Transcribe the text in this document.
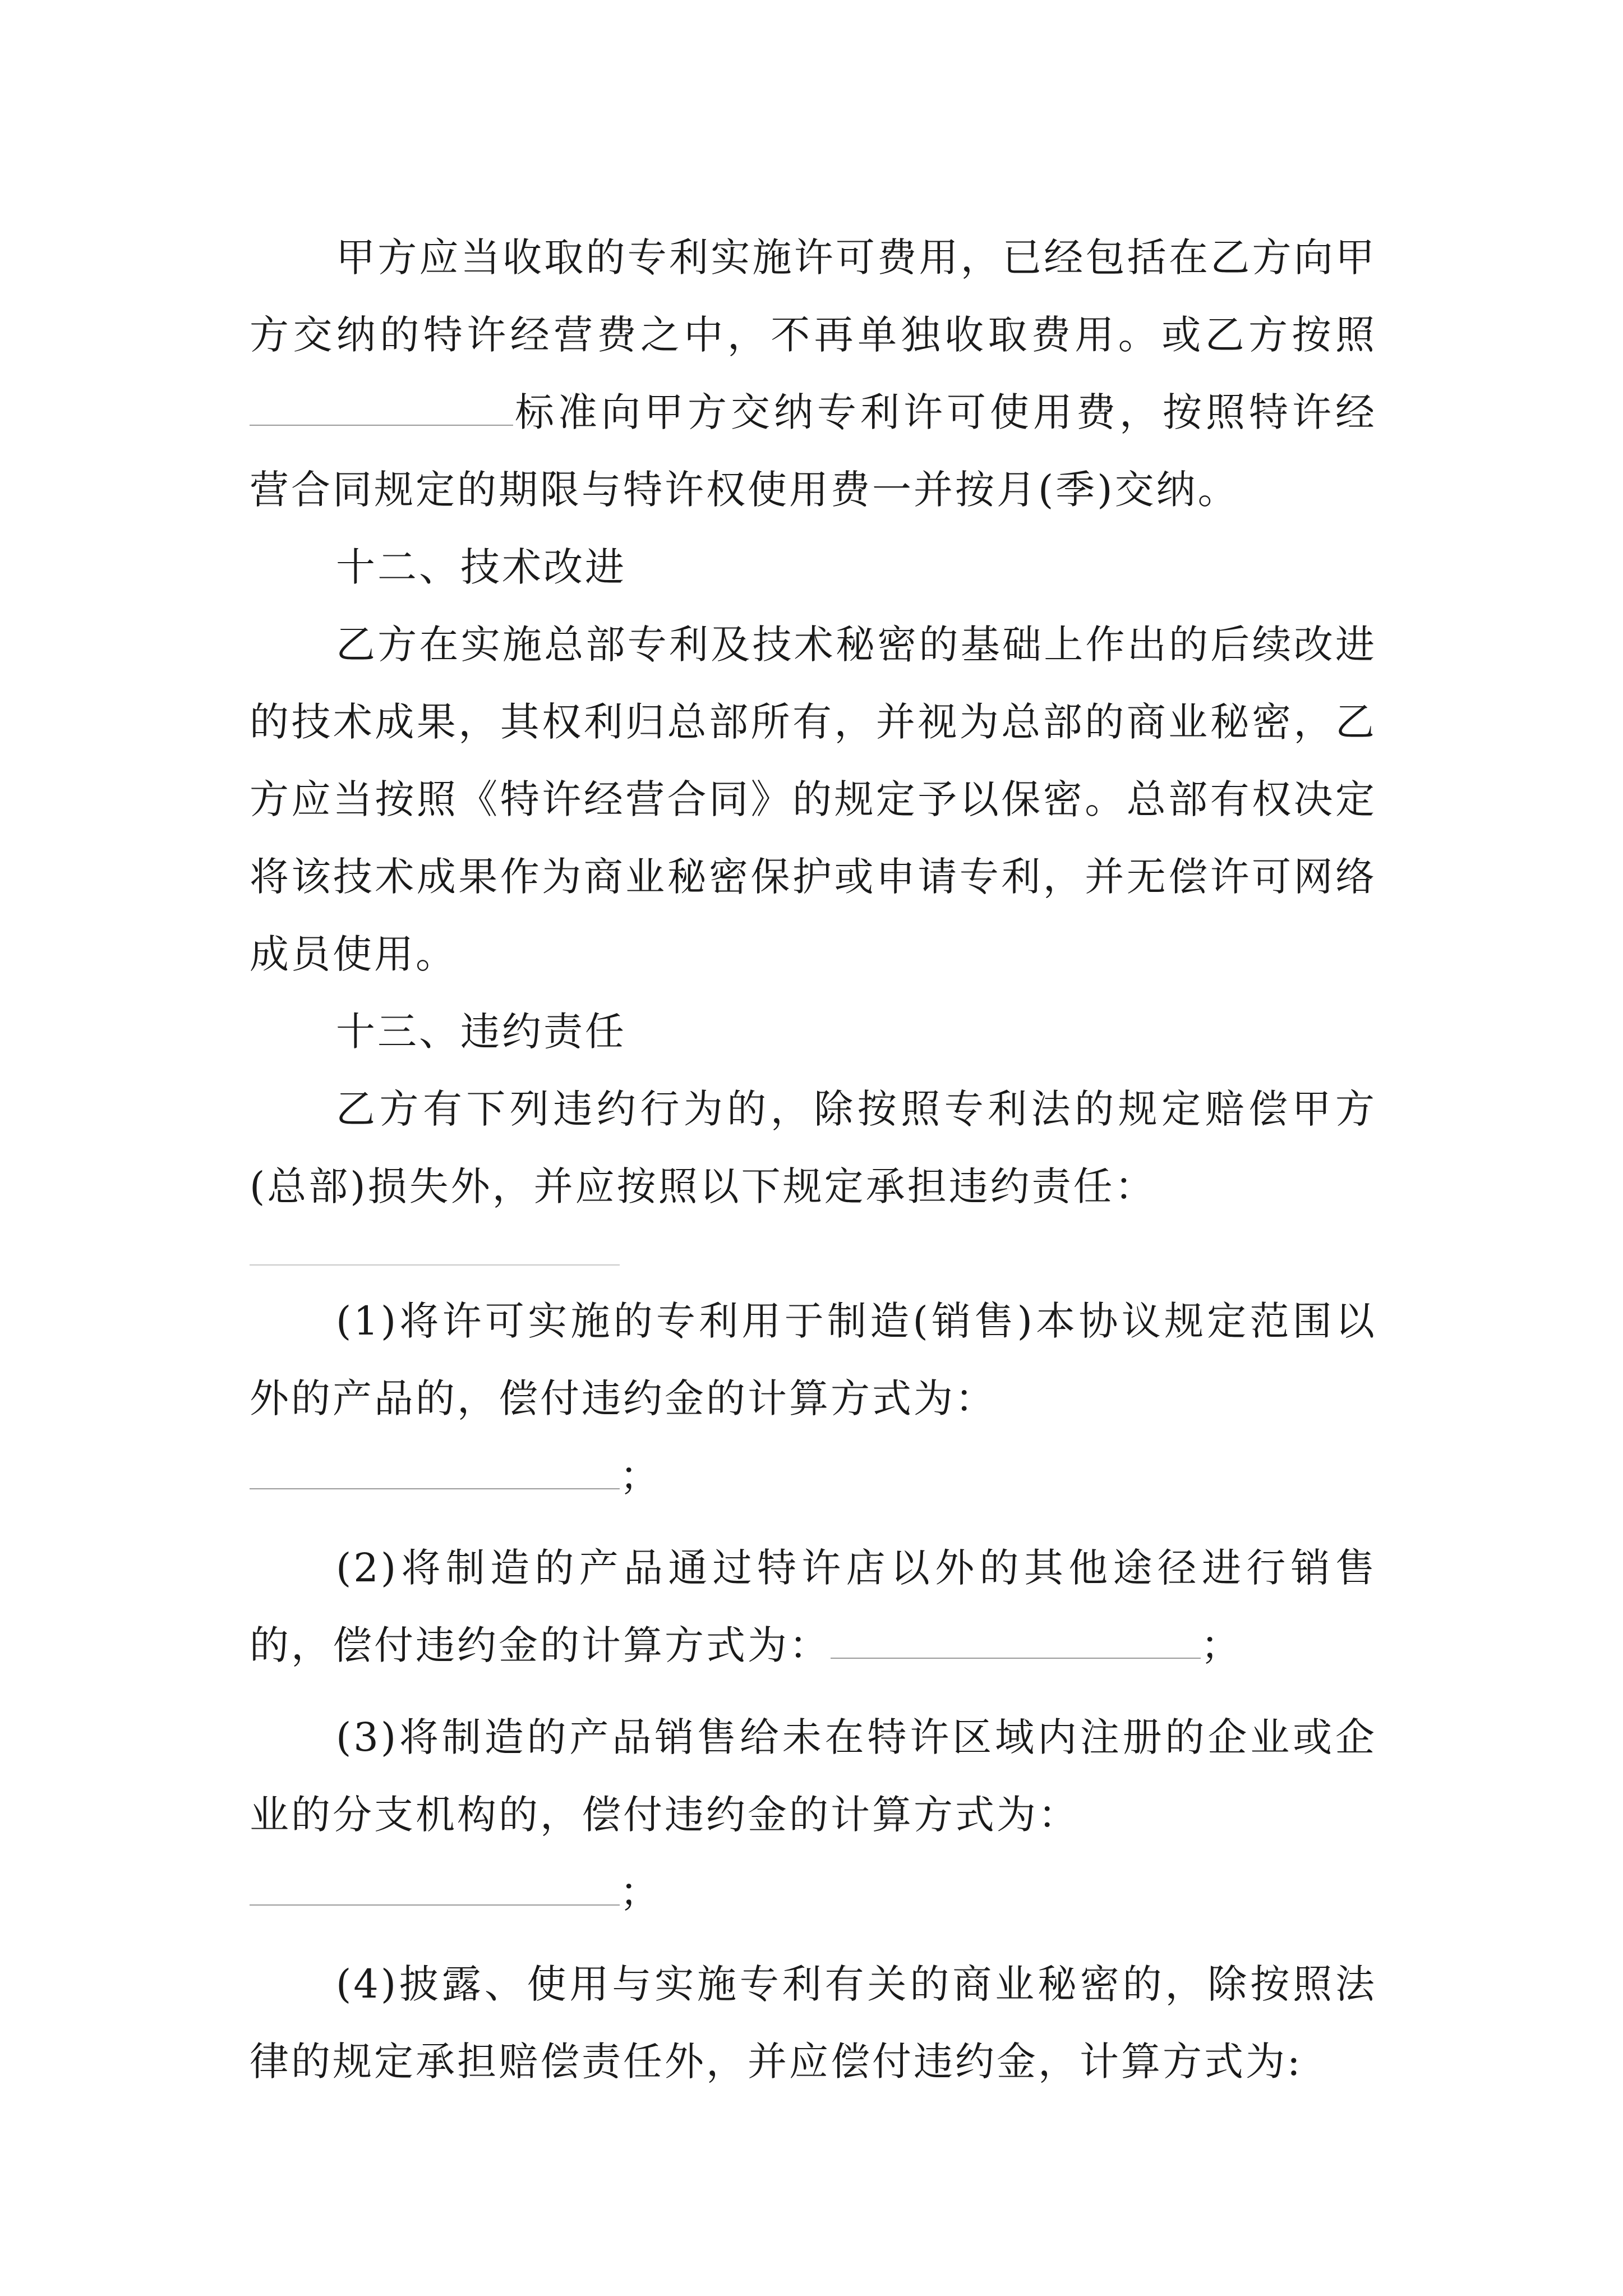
甲方应当收取的专利实施许可费用，已经包括在乙方向甲方交纳的特许经营费之中，不再单独收取费用。或乙方按照标准向甲方交纳专利许可使用费，按照特许经营合同规定的期限与特许权使用费一并按月(季)交纳。

十二、技术改进

乙方在实施总部专利及技术秘密的基础上作出的后续改进的技术成果，其权利归总部所有，并视为总部的商业秘密，乙方应当按照《特许经营合同》的规定予以保密。总部有权决定将该技术成果作为商业秘密保护或申请专利，并无偿许可网络成员使用。

十三、违约责任

乙方有下列违约行为的，除按照专利法的规定赔偿甲方(总部)损失外，并应按照以下规定承担违约责任：

(1)将许可实施的专利用于制造(销售)本协议规定范围以外的产品的，偿付违约金的计算方式为：

；

(2)将制造的产品通过特许店以外的其他途径进行销售的，偿付违约金的计算方式为：	；

(3)将制造的产品销售给未在特许区域内注册的企业或企业的分支机构的，偿付违约金的计算方式为：

；

(4)披露、使用与实施专利有关的商业秘密的，除按照法律的规定承担赔偿责任外，并应偿付违约金，计算方式为:
